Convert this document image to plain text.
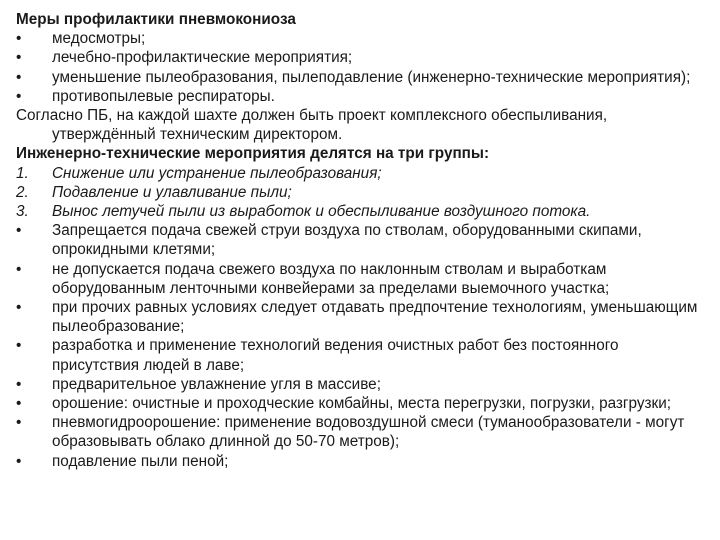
Меры профилактики пневмокониоза
•	медосмотры;
•	лечебно-профилактические мероприятия;
•	уменьшение пылеобразования, пылеподавление (инженерно-технические мероприятия);
•	противопылевые респираторы.
Согласно ПБ, на каждой шахте должен быть проект комплексного обеспыливания, утверждённый техническим директором.
Инженерно-технические мероприятия делятся на три группы:
1.	Снижение или устранение пылеобразования;
2.	Подавление и улавливание пыли;
3.	Вынос летучей пыли из выработок и обеспыливание воздушного потока.
•	Запрещается подача свежей струи воздуха по стволам, оборудованными скипами, опрокидными клетями;
•	не допускается подача свежего воздуха по наклонным стволам и выработкам оборудованным ленточными конвейерами за пределами выемочного участка;
•	при прочих равных условиях следует отдавать предпочтение технологиям, уменьшающим пылеобразование;
•	разработка и применение технологий ведения очистных работ без постоянного присутствия людей в лаве;
•	предварительное увлажнение угля в массиве;
•	орошение: очистные и проходческие комбайны, места перегрузки, погрузки, разгрузки;
•	пневмогидроорошение: применение водовоздушной смеси (туманообразователи - могут образовывать облако длинной до 50-70 метров);
•	подавление пыли пеной;
